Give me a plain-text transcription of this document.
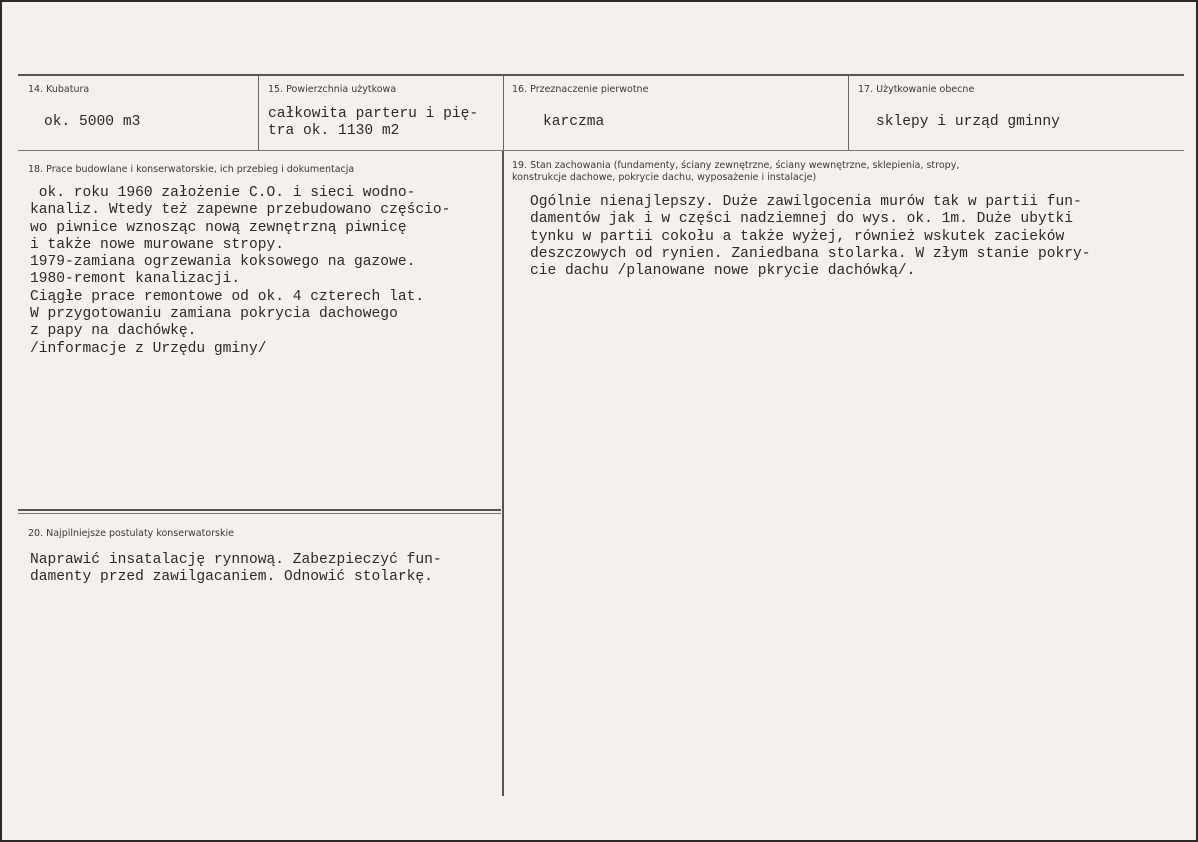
14. Kubatura
ok. 5000 m3
15. Powierzchnia użytkowa
całkowita parteru i pię-
tra ok. 1130 m2
16. Przeznaczenie pierwotne
karczma
17. Użytkowanie obecne
sklepy i urząd gminny
18. Prace budowlane i konserwatorskie, ich przebieg i dokumentacja
ok. roku 1960 założenie C.O. i sieci wodno-
kanaliz. Wtedy też zapewne przebudowano częścio-
wo piwnice wznosząc nową zewnętrzną piwnicę
i także nowe murowane stropy.
1979-zamiana ogrzewania koksowego na gazowe.
1980-remont kanalizacji.
Ciągłe prace remontowe od ok. 4 czterech lat.
W przygotowaniu zamiana pokrycia dachowego
z papy na dachówkę.
/informacje z Urzędu gminy/
19. Stan zachowania (fundamenty, ściany zewnętrzne, ściany wewnętrzne, sklepienia, stropy,
konstrukcje dachowe, pokrycie dachu, wyposażenie i instalacje)
Ogólnie nienajlepszy. Duże zawilgocenia murów tak w partii fun-
damentów jak i w części nadziemnej do wys. ok. 1m. Duże ubytki
tynku w partii cokołu a także wyżej, również wskutek zacieków
deszczowych od rynien. Zaniedbana stolarka. W złym stanie pokry-
cie dachu /planowane nowe pkrycie dachówką/.
20. Najpilniejsze postulaty konserwatorskie
Naprawić insatalację rynnową. Zabezpieczyć fun-
damenty przed zawilgacaniem. Odnowić stolarkę.
